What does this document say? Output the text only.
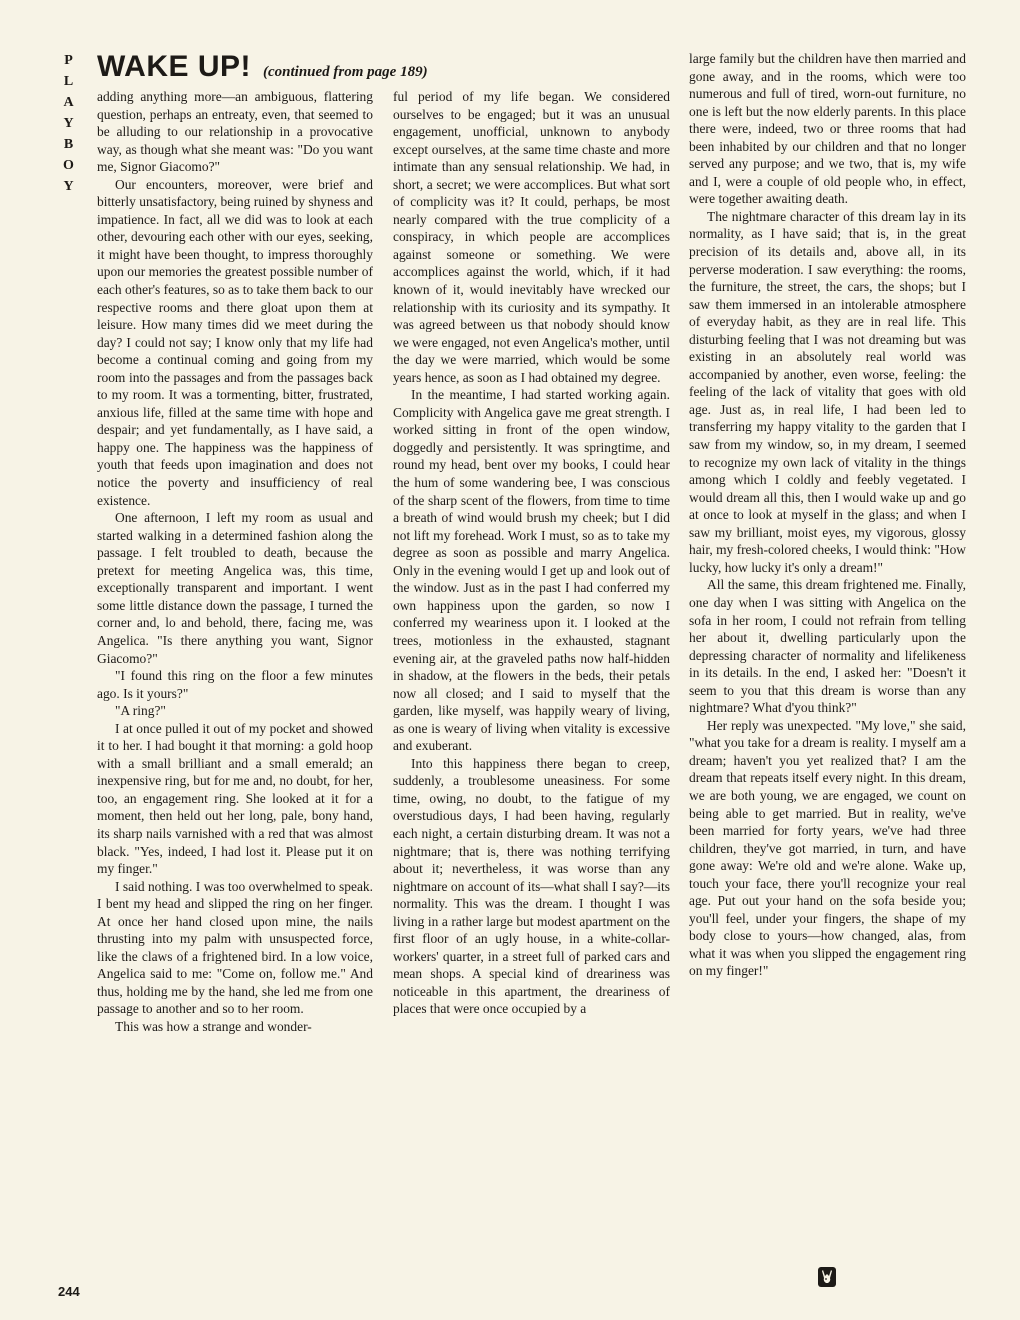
P
L
A
Y
B
O
Y
WAKE UP! (continued from page 189)

adding anything more—an ambiguous, flattering question, perhaps an entreaty, even, that seemed to be alluding to our relationship in a provocative way, as though what she meant was: "Do you want me, Signor Giacomo?"

Our encounters, moreover, were brief and bitterly unsatisfactory, being ruined by shyness and impatience. In fact, all we did was to look at each other, devouring each other with our eyes, seeking, it might have been thought, to impress thoroughly upon our memories the greatest possible number of each other's features, so as to take them back to our respective rooms and there gloat upon them at leisure. How many times did we meet during the day? I could not say; I know only that my life had become a continual coming and going from my room into the passages and from the passages back to my room. It was a tormenting, bitter, frustrated, anxious life, filled at the same time with hope and despair; and yet fundamentally, as I have said, a happy one. The happiness was the happiness of youth that feeds upon imagination and does not notice the poverty and insufficiency of real existence.

One afternoon, I left my room as usual and started walking in a determined fashion along the passage. I felt troubled to death, because the pretext for meeting Angelica was, this time, exceptionally transparent and important. I went some little distance down the passage, I turned the corner and, lo and behold, there, facing me, was Angelica. "Is there anything you want, Signor Giacomo?"

"I found this ring on the floor a few minutes ago. Is it yours?"

"A ring?"

I at once pulled it out of my pocket and showed it to her. I had bought it that morning: a gold hoop with a small brilliant and a small emerald; an inexpensive ring, but for me and, no doubt, for her, too, an engagement ring. She looked at it for a moment, then held out her long, pale, bony hand, its sharp nails varnished with a red that was almost black. "Yes, indeed, I had lost it. Please put it on my finger."

I said nothing. I was too overwhelmed to speak. I bent my head and slipped the ring on her finger. At once her hand closed upon mine, the nails thrusting into my palm with unsuspected force, like the claws of a frightened bird. In a low voice, Angelica said to me: "Come on, follow me." And thus, holding me by the hand, she led me from one passage to another and so to her room.

This was how a strange and wonder-

ful period of my life began. We considered ourselves to be engaged; but it was an unusual engagement, unofficial, unknown to anybody except ourselves, at the same time chaste and more intimate than any sensual relationship. We had, in short, a secret; we were accomplices. But what sort of complicity was it? It could, perhaps, be most nearly compared with the true complicity of a conspiracy, in which people are accomplices against someone or something. We were accomplices against the world, which, if it had known of it, would inevitably have wrecked our relationship with its curiosity and its sympathy. It was agreed between us that nobody should know we were engaged, not even Angelica's mother, until the day we were married, which would be some years hence, as soon as I had obtained my degree.

In the meantime, I had started working again. Complicity with Angelica gave me great strength. I worked sitting in front of the open window, doggedly and persistently. It was springtime, and round my head, bent over my books, I could hear the hum of some wandering bee, I was conscious of the sharp scent of the flowers, from time to time a breath of wind would brush my cheek; but I did not lift my forehead. Work I must, so as to take my degree as soon as possible and marry Angelica. Only in the evening would I get up and look out of the window. Just as in the past I had conferred my own happiness upon the garden, so now I conferred my weariness upon it. I looked at the trees, motionless in the exhausted, stagnant evening air, at the graveled paths now half-hidden in shadow, at the flowers in the beds, their petals now all closed; and I said to myself that the garden, like myself, was happily weary of living, as one is weary of living when vitality is excessive and exuberant.

Into this happiness there began to creep, suddenly, a troublesome uneasiness. For some time, owing, no doubt, to the fatigue of my overstudious days, I had been having, regularly each night, a certain disturbing dream. It was not a nightmare; that is, there was nothing terrifying about it; nevertheless, it was worse than any nightmare on account of its—what shall I say?—its normality. This was the dream. I thought I was living in a rather large but modest apartment on the first floor of an ugly house, in a white-collar-workers' quarter, in a street full of parked cars and mean shops. A special kind of dreariness was noticeable in this apartment, the dreariness of places that were once occupied by a

large family but the children have then married and gone away, and in the rooms, which were too numerous and full of tired, worn-out furniture, no one is left but the now elderly parents. In this place there were, indeed, two or three rooms that had been inhabited by our children and that no longer served any purpose; and we two, that is, my wife and I, were a couple of old people who, in effect, were together awaiting death.

The nightmare character of this dream lay in its normality, as I have said; that is, in the great precision of its details and, above all, in its perverse moderation. I saw everything: the rooms, the furniture, the street, the cars, the shops; but I saw them immersed in an intolerable atmosphere of everyday habit, as they are in real life. This disturbing feeling that I was not dreaming but was existing in an absolutely real world was accompanied by another, even worse, feeling: the feeling of the lack of vitality that goes with old age. Just as, in real life, I had been led to transferring my happy vitality to the garden that I saw from my window, so, in my dream, I seemed to recognize my own lack of vitality in the things among which I coldly and feebly vegetated. I would dream all this, then I would wake up and go at once to look at myself in the glass; and when I saw my brilliant, moist eyes, my vigorous, glossy hair, my fresh-colored cheeks, I would think: "How lucky, how lucky it's only a dream!"

All the same, this dream frightened me. Finally, one day when I was sitting with Angelica on the sofa in her room, I could not refrain from telling her about it, dwelling particularly upon the depressing character of normality and lifelikeness in its details. In the end, I asked her: "Doesn't it seem to you that this dream is worse than any nightmare? What d'you think?"

Her reply was unexpected. "My love," she said, "what you take for a dream is reality. I myself am a dream; haven't you yet realized that? I am the dream that repeats itself every night. In this dream, we are both young, we are engaged, we count on being able to get married. But in reality, we've been married for forty years, we've had three children, they've got married, in turn, and have gone away: We're old and we're alone. Wake up, touch your face, there you'll recognize your real age. Put out your hand on the sofa beside you; you'll feel, under your fingers, the shape of my body close to yours—how changed, alas, from what it was when you slipped the engagement ring on my finger!"

244
